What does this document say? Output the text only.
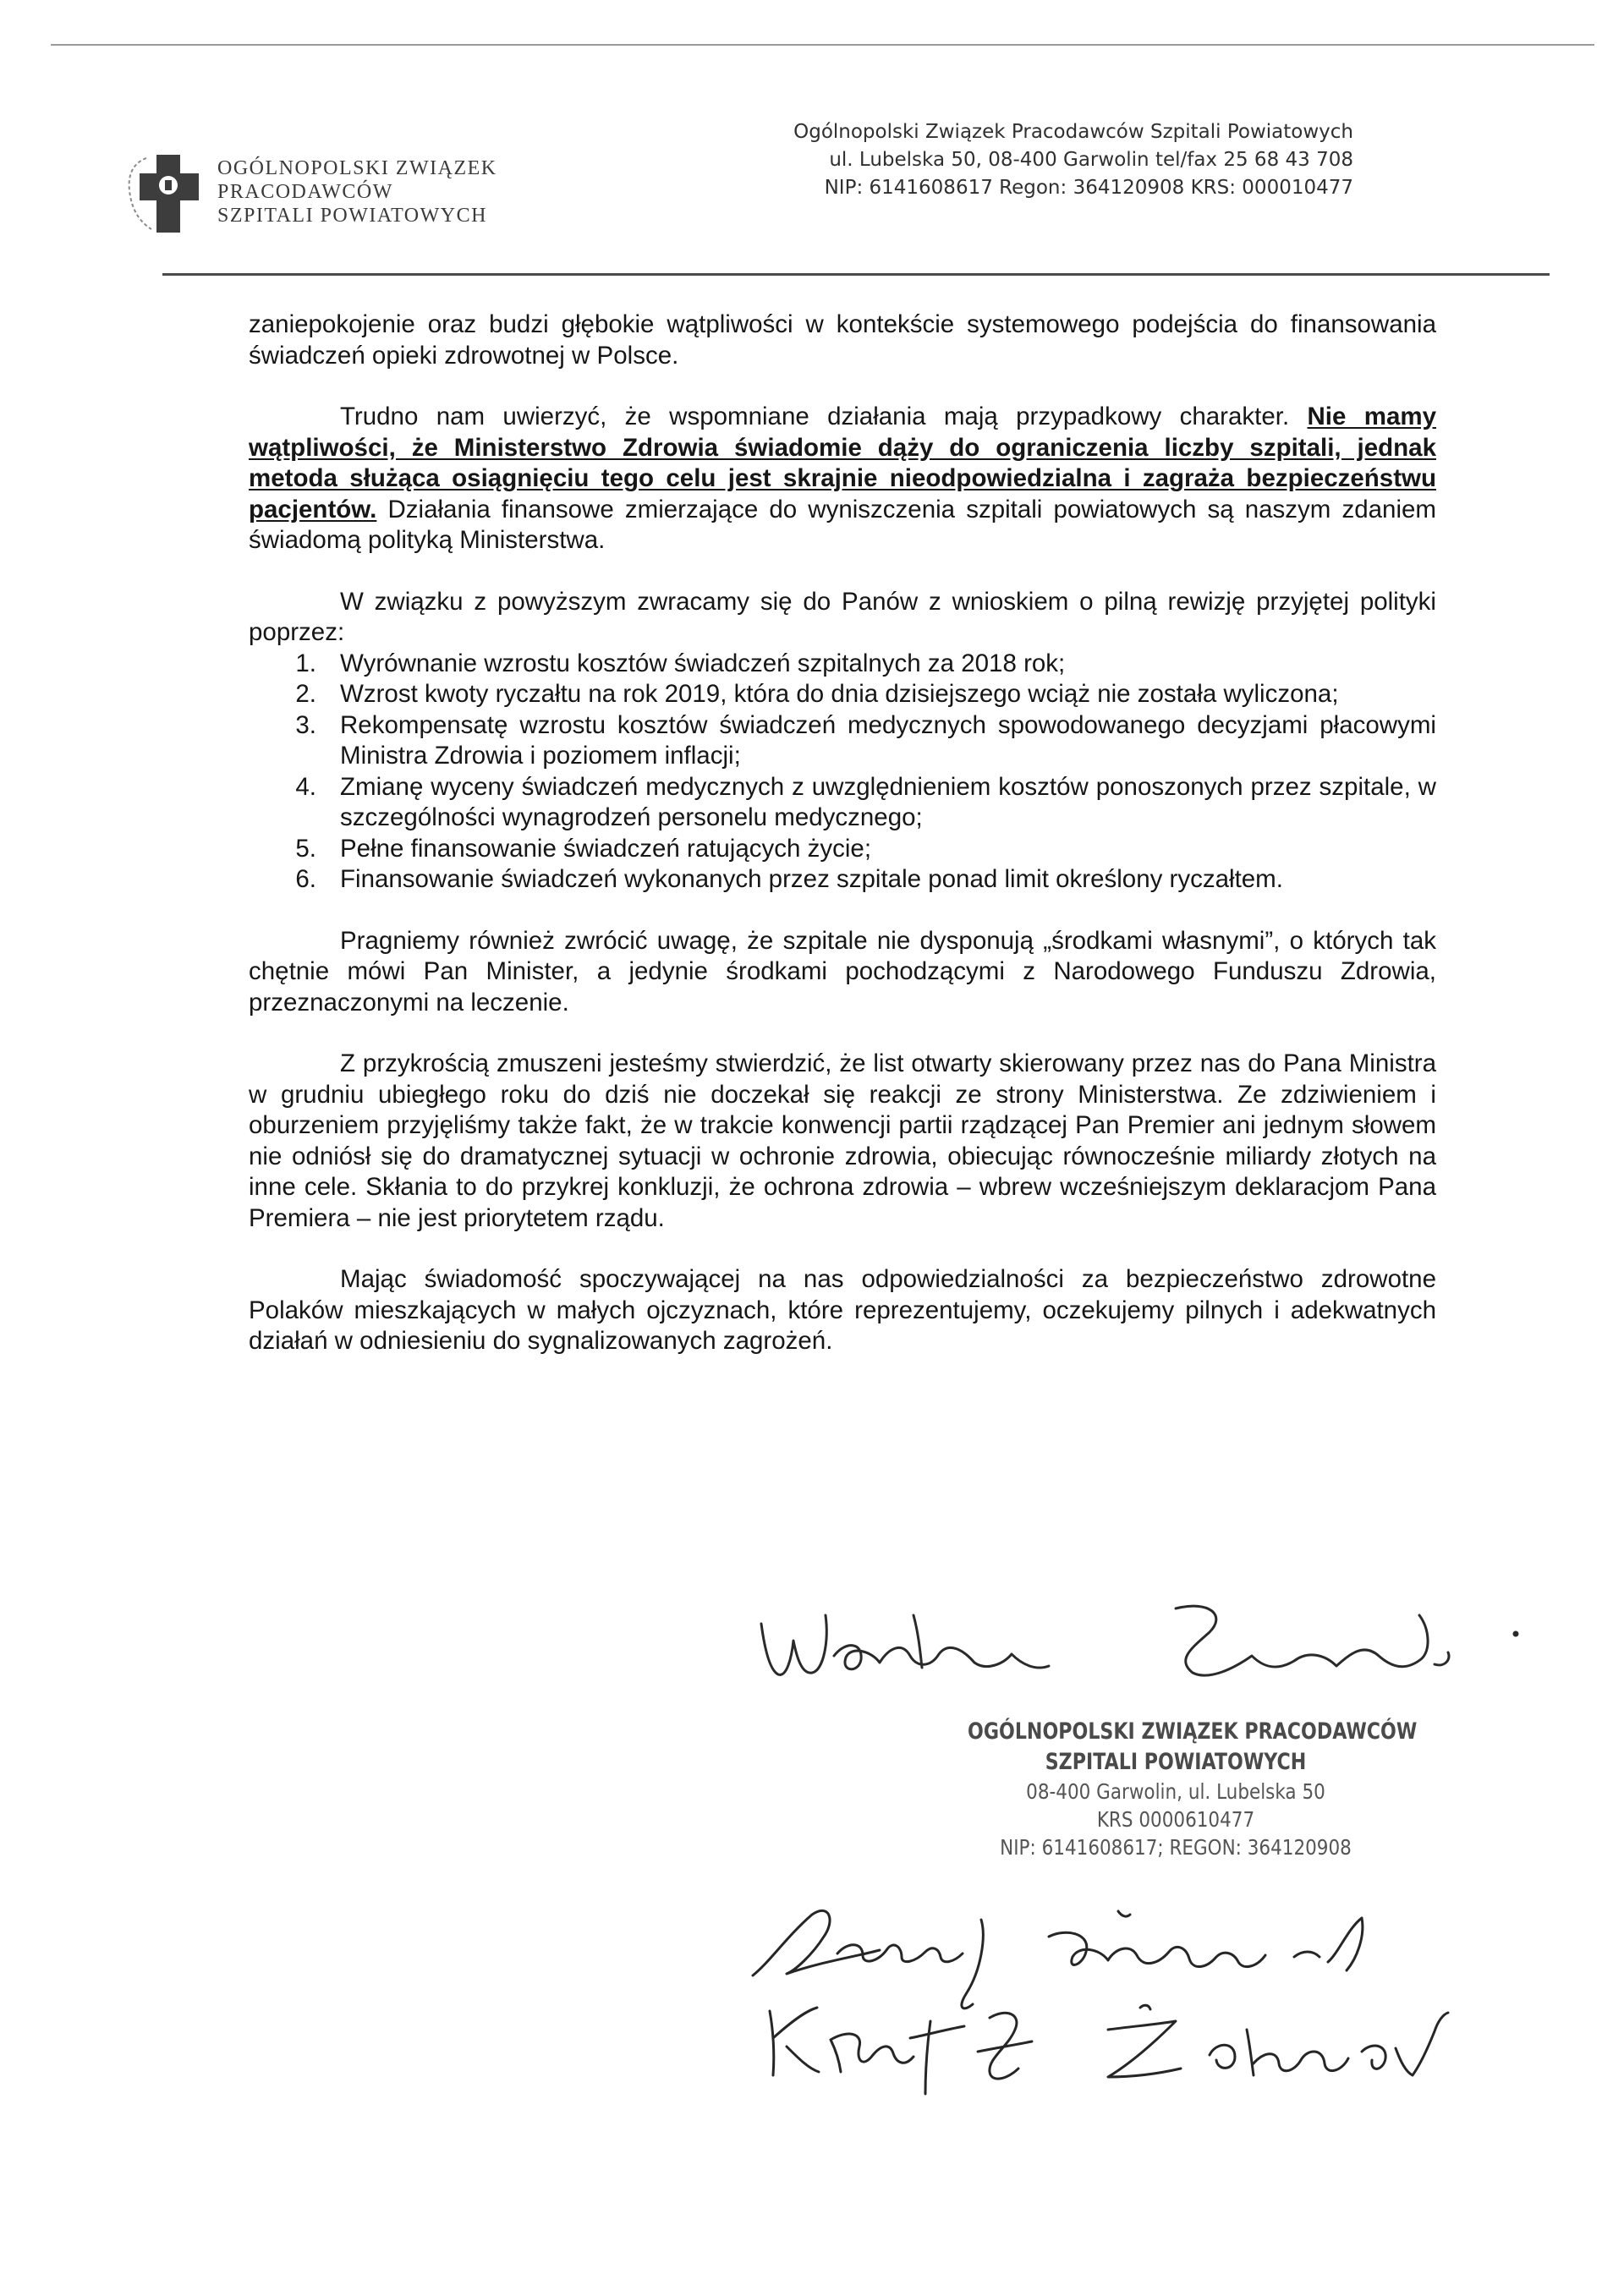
OGÓLNOPOLSKI ZWIĄZEK
PRACODAWCÓW
SZPITALI POWIATOWYCH
Ogólnopolski Związek Pracodawców Szpitali Powiatowych
ul. Lubelska 50, 08-400 Garwolin tel/fax 25 68 43 708
NIP: 6141608617 Regon: 364120908 KRS: 000010477

zaniepokojenie oraz budzi głębokie wątpliwości w kontekście systemowego podejścia do finansowania świadczeń opieki zdrowotnej w Polsce.

Trudno nam uwierzyć, że wspomniane działania mają przypadkowy charakter. Nie mamy wątpliwości, że Ministerstwo Zdrowia świadomie dąży do ograniczenia liczby szpitali, jednak metoda służąca osiągnięciu tego celu jest skrajnie nieodpowiedzialna i zagraża bezpieczeństwu pacjentów. Działania finansowe zmierzające do wyniszczenia szpitali powiatowych są naszym zdaniem świadomą polityką Ministerstwa.

W związku z powyższym zwracamy się do Panów z wnioskiem o pilną rewizję przyjętej polityki poprzez:

1. Wyrównanie wzrostu kosztów świadczeń szpitalnych za 2018 rok;
2. Wzrost kwoty ryczałtu na rok 2019, która do dnia dzisiejszego wciąż nie została wyliczona;
3. Rekompensatę wzrostu kosztów świadczeń medycznych spowodowanego decyzjami płacowymi Ministra Zdrowia i poziomem inflacji;
4. Zmianę wyceny świadczeń medycznych z uwzględnieniem kosztów ponoszonych przez szpitale, w szczególności wynagrodzeń personelu medycznego;
5. Pełne finansowanie świadczeń ratujących życie;
6. Finansowanie świadczeń wykonanych przez szpitale ponad limit określony ryczałtem.

Pragniemy również zwrócić uwagę, że szpitale nie dysponują „środkami własnymi”, o których tak chętnie mówi Pan Minister, a jedynie środkami pochodzącymi z Narodowego Funduszu Zdrowia, przeznaczonymi na leczenie.

Z przykrością zmuszeni jesteśmy stwierdzić, że list otwarty skierowany przez nas do Pana Ministra w grudniu ubiegłego roku do dziś nie doczekał się reakcji ze strony Ministerstwa. Ze zdziwieniem i oburzeniem przyjęliśmy także fakt, że w trakcie konwencji partii rządzącej Pan Premier ani jednym słowem nie odniósł się do dramatycznej sytuacji w ochronie zdrowia, obiecując równocześnie miliardy złotych na inne cele. Skłania to do przykrej konkluzji, że ochrona zdrowia – wbrew wcześniejszym deklaracjom Pana Premiera – nie jest priorytetem rządu.

Mając świadomość spoczywającej na nas odpowiedzialności za bezpieczeństwo zdrowotne Polaków mieszkających w małych ojczyznach, które reprezentujemy, oczekujemy pilnych i adekwatnych działań w odniesieniu do sygnalizowanych zagrożeń.

OGÓLNOPOLSKI ZWIĄZEK PRACODAWCÓW
SZPITALI POWIATOWYCH
08-400 Garwolin, ul. Lubelska 50
KRS 0000610477
NIP: 6141608617; REGON: 364120908
